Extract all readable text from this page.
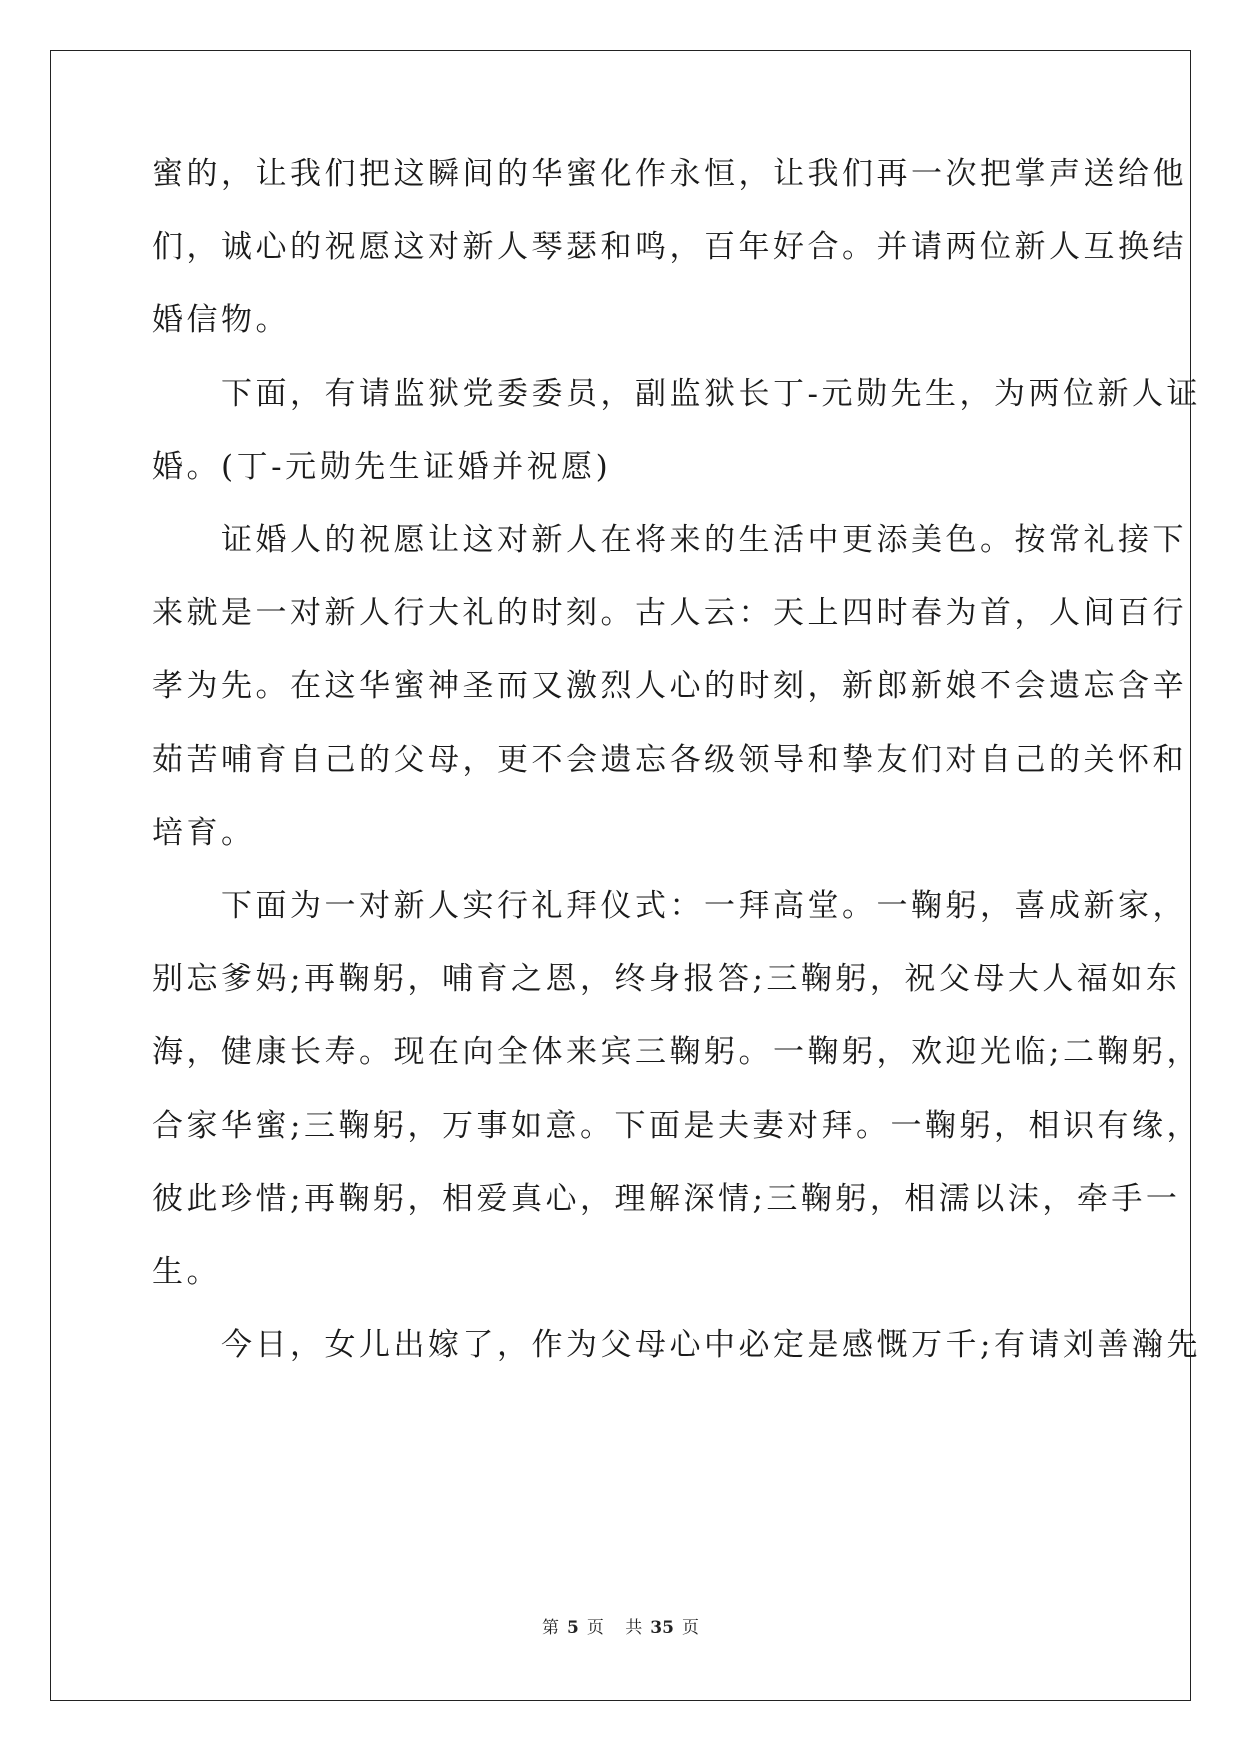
蜜的，让我们把这瞬间的华蜜化作永恒，让我们再一次把掌声送给他
们，诚心的祝愿这对新人琴瑟和鸣，百年好合。并请两位新人互换结
婚信物。
　　下面，有请监狱党委委员，副监狱长丁-元勋先生，为两位新人证
婚。(丁-元勋先生证婚并祝愿)
　　证婚人的祝愿让这对新人在将来的生活中更添美色。按常礼接下
来就是一对新人行大礼的时刻。古人云：天上四时春为首，人间百行
孝为先。在这华蜜神圣而又激烈人心的时刻，新郎新娘不会遗忘含辛
茹苦哺育自己的父母，更不会遗忘各级领导和挚友们对自己的关怀和
培育。
　　下面为一对新人实行礼拜仪式：一拜高堂。一鞠躬，喜成新家，
别忘爹妈;再鞠躬，哺育之恩，终身报答;三鞠躬，祝父母大人福如东
海，健康长寿。现在向全体来宾三鞠躬。一鞠躬，欢迎光临;二鞠躬，
合家华蜜;三鞠躬，万事如意。下面是夫妻对拜。一鞠躬，相识有缘，
彼此珍惜;再鞠躬，相爱真心，理解深情;三鞠躬，相濡以沫，牵手一
生。
　　今日，女儿出嫁了，作为父母心中必定是感慨万千;有请刘善瀚先
第 5 页 共 35 页
